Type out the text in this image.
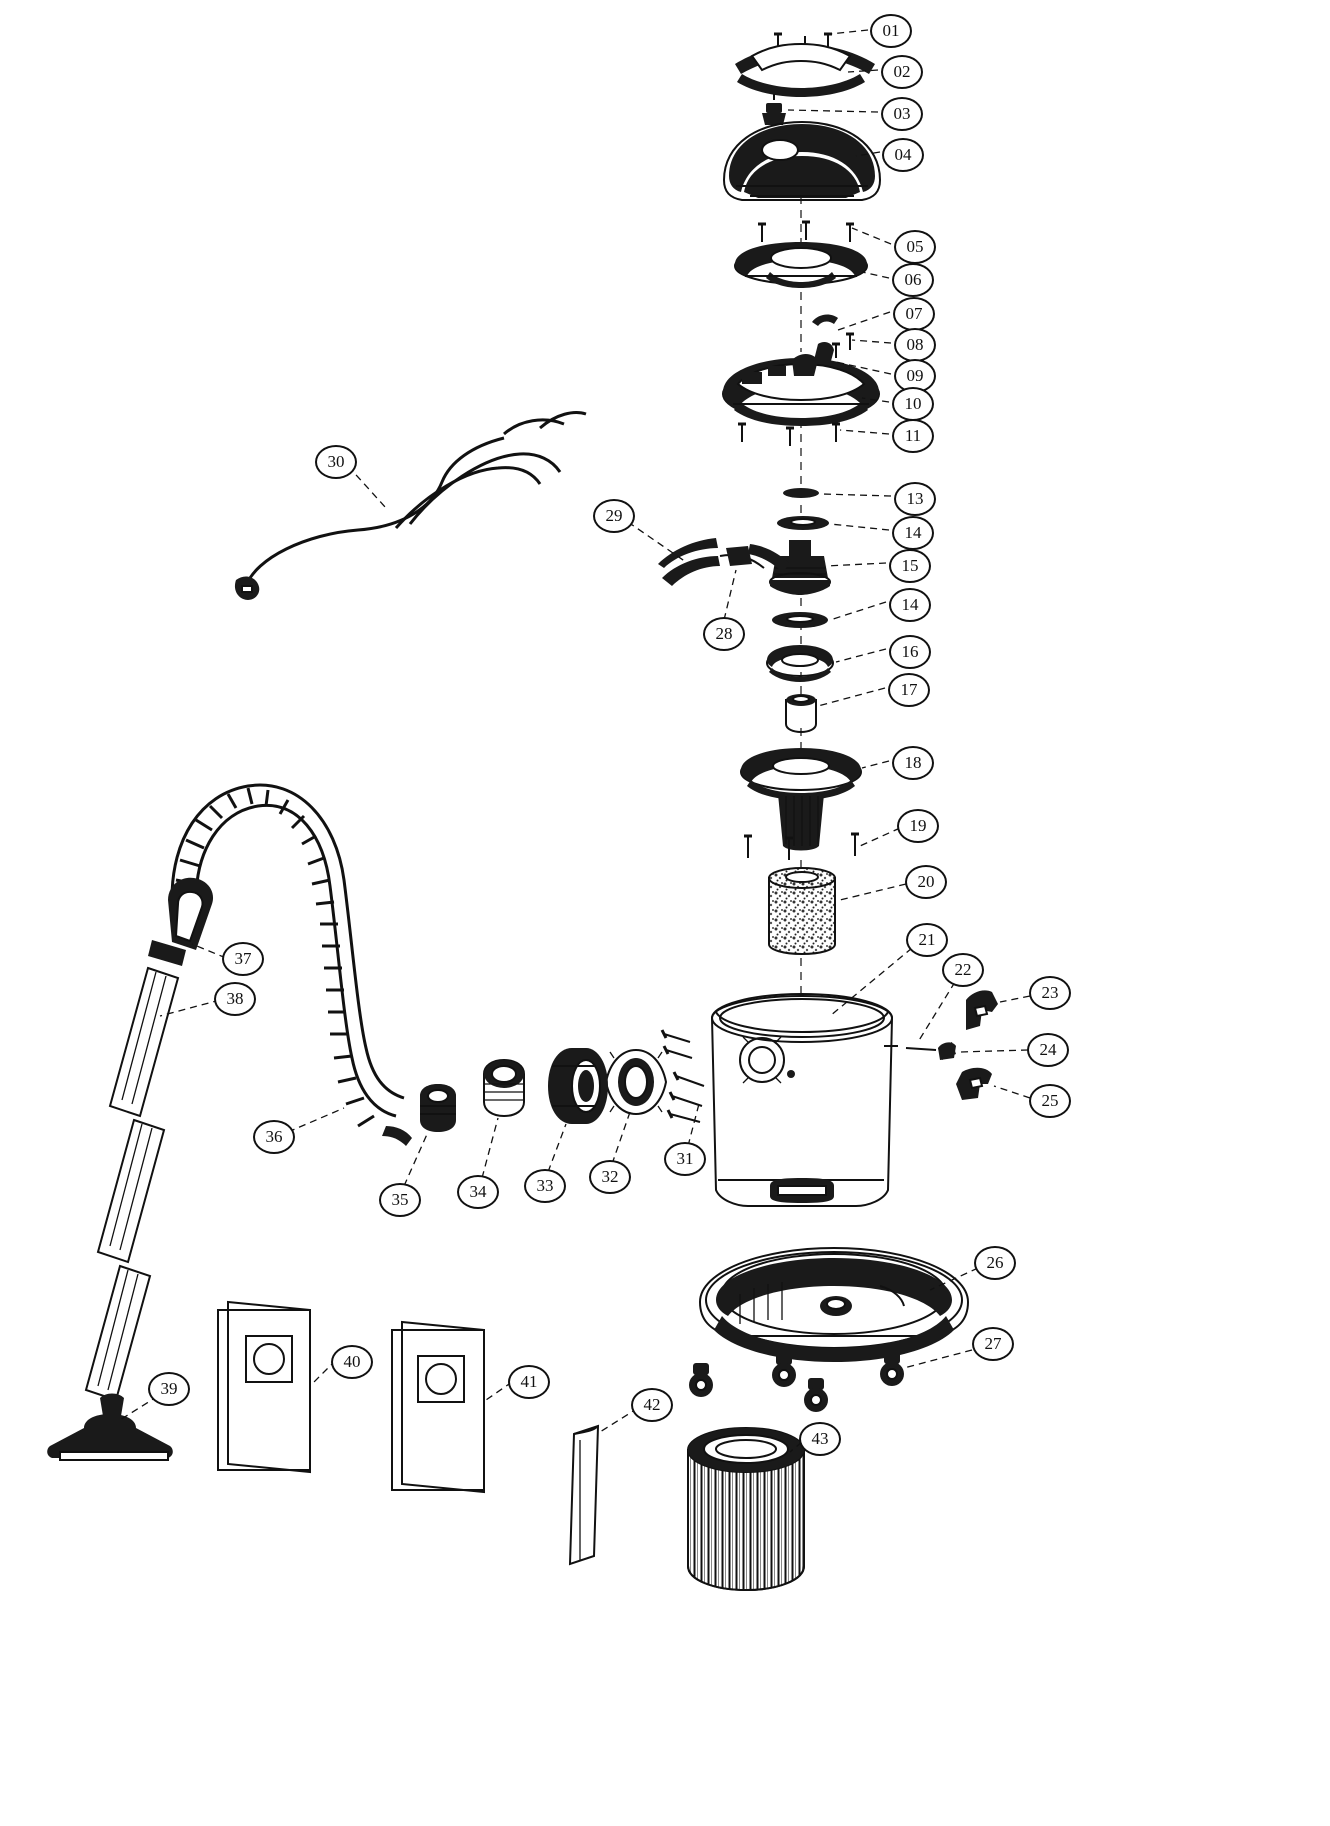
01
02
03
04
05
06
07
08
09
10
11
13
14
15
14
16
17
18
19
20
21
22
23
24
25
26
27
28
29
30
31
32
33
34
35
36
37
38
39
40
41
42
43
